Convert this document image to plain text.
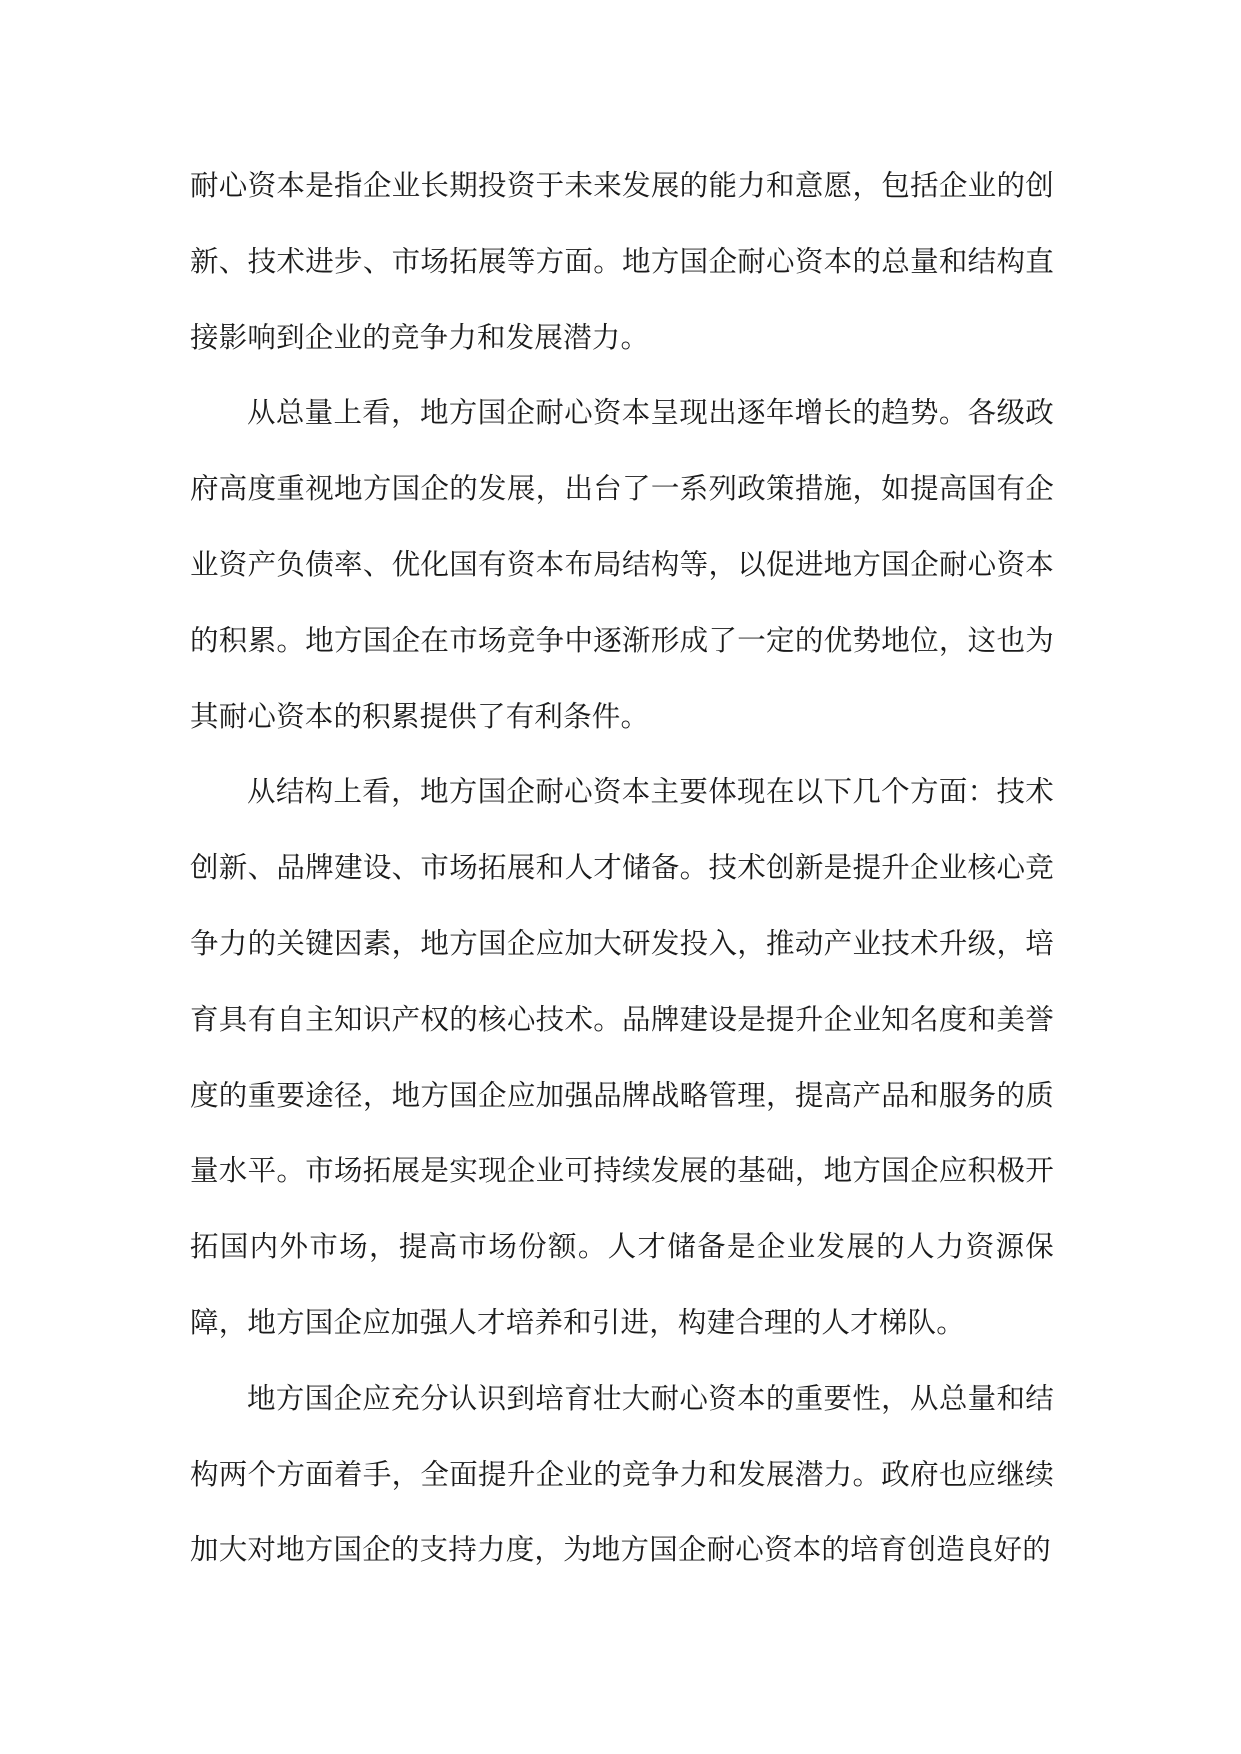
耐心资本是指企业长期投资于未来发展的能力和意愿，包括企业的创新、技术进步、市场拓展等方面。地方国企耐心资本的总量和结构直接影响到企业的竞争力和发展潜力。

从总量上看，地方国企耐心资本呈现出逐年增长的趋势。各级政府高度重视地方国企的发展，出台了一系列政策措施，如提高国有企业资产负债率、优化国有资本布局结构等，以促进地方国企耐心资本的积累。地方国企在市场竞争中逐渐形成了一定的优势地位，这也为其耐心资本的积累提供了有利条件。

从结构上看，地方国企耐心资本主要体现在以下几个方面：技术创新、品牌建设、市场拓展和人才储备。技术创新是提升企业核心竞争力的关键因素，地方国企应加大研发投入，推动产业技术升级，培育具有自主知识产权的核心技术。品牌建设是提升企业知名度和美誉度的重要途径，地方国企应加强品牌战略管理，提高产品和服务的质量水平。市场拓展是实现企业可持续发展的基础，地方国企应积极开拓国内外市场，提高市场份额。人才储备是企业发展的人力资源保障，地方国企应加强人才培养和引进，构建合理的人才梯队。

地方国企应充分认识到培育壮大耐心资本的重要性，从总量和结构两个方面着手，全面提升企业的竞争力和发展潜力。政府也应继续加大对地方国企的支持力度，为地方国企耐心资本的培育创造良好的
